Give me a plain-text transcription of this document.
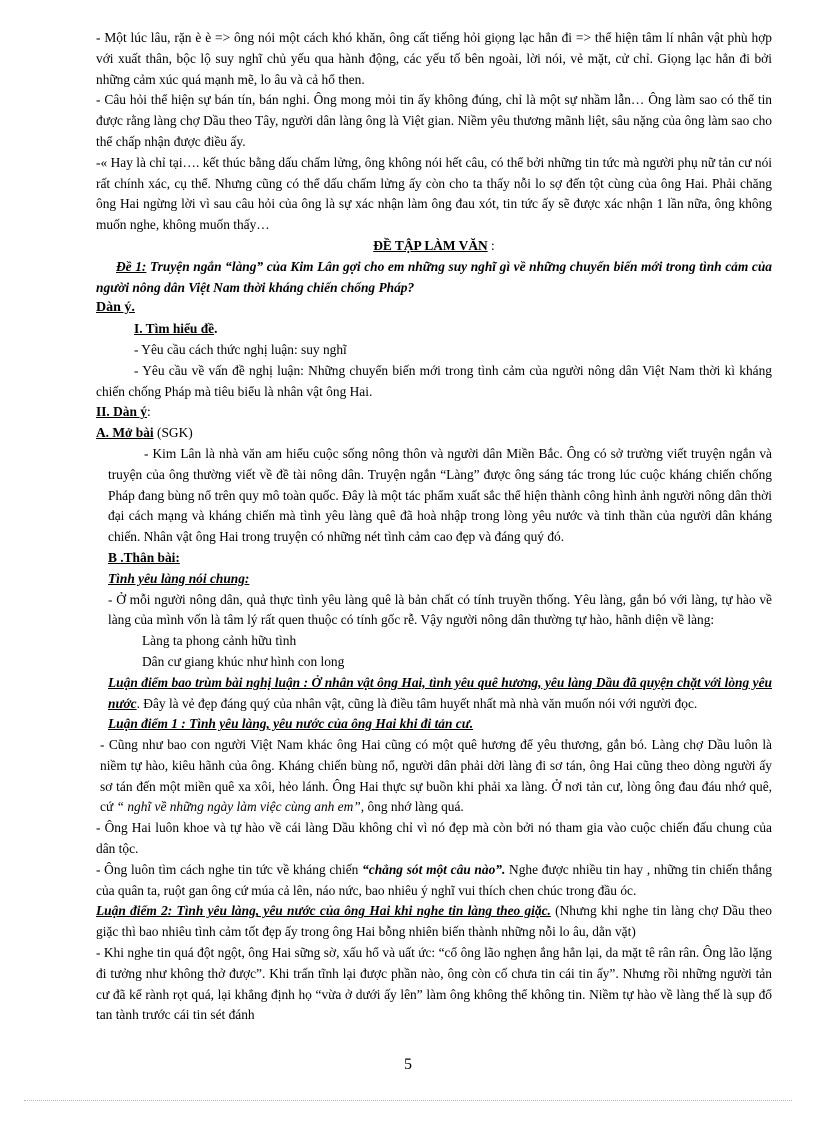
- Một lúc lâu, rặn è è => ông nói một cách khó khăn, ông cất tiếng hỏi giọng lạc hẳn đi => thể hiện tâm lí nhân vật phù hợp với xuất thân, bộc lộ suy nghĩ chủ yếu qua hành động, các yếu tố bên ngoài, lời nói, vẻ mặt, cử chỉ. Giọng lạc hẳn đi bởi những cảm xúc quá mạnh mẽ, lo âu và cả hổ then.

- Câu hỏi thể hiện sự bán tín, bán nghi. Ông mong mỏi tin ấy không đúng, chỉ là một sự nhầm lẫn… Ông làm sao có thể tin được rằng làng chợ Dầu theo Tây, người dân làng ông là Việt gian. Niềm yêu thương mãnh liệt, sâu nặng của ông làm sao cho thể chấp nhận được điều ấy.

-« Hay là chỉ tại…. kết thúc bằng dấu chấm lửng, ông không nói hết câu, có thể bởi những tin tức mà người phụ nữ tản cư nói rất chính xác, cụ thể. Nhưng cũng có thể dấu chấm lửng ấy còn cho ta thấy nỗi lo sợ đến tột cùng của ông Hai. Phải chăng ông Hai ngừng lời vì sau câu hỏi của ông là sự xác nhận làm ông đau xót, tin tức ấy sẽ được xác nhận 1 lần nữa, ông không muốn nghe, không muốn thấy…

ĐỀ TẬP LÀM VĂN :

Đề 1: Truyện ngắn “làng” của Kim Lân gợi cho em những suy nghĩ gì về những chuyển biến mới trong tình cảm của người nông dân Việt Nam thời kháng chiến chống Pháp?

Dàn ý.

I. Tìm hiểu đề.

- Yêu cầu cách thức nghị luận: suy nghĩ

- Yêu cầu về vấn đề nghị luận: Những chuyển biến mới trong tình cảm của người nông dân Việt Nam thời kì kháng chiến chống Pháp mà tiêu biểu là nhân vật ông Hai.

II. Dàn ý:

A. Mở bài (SGK)

- Kim Lân là nhà văn am hiểu cuộc sống nông thôn và người dân Miền Bắc. Ông có sở trường viết truyện ngắn và truyện của ông thường viết về đề tài nông dân. Truyện ngắn “Làng” được ông sáng tác trong lúc cuộc kháng chiến chống Pháp đang bùng nổ trên quy mô toàn quốc. Đây là một tác phẩm xuất sắc thể hiện thành công hình ảnh người nông dân thời đại cách mạng và kháng chiến mà tình yêu làng quê đã hoà nhập trong lòng yêu nước và tinh thần của người dân kháng chiến. Nhân vật ông Hai trong truyện có những nét tình cảm cao đẹp và đáng quý đó.

B .Thân bài:

Tình yêu làng nói chung:

- Ở mỗi người nông dân, quả thực tình yêu làng quê là bản chất có tính truyền thống. Yêu làng, gắn bó với làng, tự hào về làng của mình vốn là tâm lý rất quen thuộc có tính gốc rễ. Vậy người nông dân thường tự hào, hãnh diện về làng:

Làng ta phong cảnh hữu tình

Dân cư giang khúc như hình con long

Luận điểm bao trùm bài nghị luận : Ở nhân vật ông Hai, tình yêu quê hương, yêu làng Dầu đã quyện chặt với lòng yêu nước. Đây là vẻ đẹp đáng quý của nhân vật, cũng là điều tâm huyết nhất mà nhà văn muốn nói với người đọc.

Luận điểm 1 : Tình yêu làng, yêu nước của ông Hai khi đi tản cư.

- Cũng như bao con người Việt Nam khác ông Hai cũng có một quê hương để yêu thương, gắn bó. Làng chợ Dầu luôn là niềm tự hào, kiêu hãnh của ông. Kháng chiến bùng nổ, người dân phải dời làng đi sơ tán, ông Hai cũng theo dòng người ấy sơ tán đến một miền quê xa xôi, hẻo lánh. Ông Hai thực sự buồn khi phải xa làng. Ở nơi tản cư, lòng ông đau đáu nhớ quê, cứ “ nghĩ về những ngày làm việc cùng anh em”, ông nhớ làng quá.

- Ông Hai luôn khoe và tự hào về cái làng Dầu không chỉ vì nó đẹp mà còn bởi nó tham gia vào cuộc chiến đấu chung của dân tộc.

- Ông luôn tìm cách nghe tin tức về kháng chiến “chẳng sót một câu nào”. Nghe được nhiều tin hay , những tin chiến thắng của quân ta, ruột gan ông cứ múa cả lên, náo nức, bao nhiêu ý nghĩ vui thích chen chúc trong đầu óc.

Luận điểm 2: Tình yêu làng, yêu nước của ông Hai khi nghe tin làng theo giặc. (Nhưng khi nghe tin làng chợ Dầu theo giặc thì bao nhiêu tình cảm tốt đẹp ấy trong ông Hai bỗng nhiên biến thành những nỗi lo âu, dằn vặt)

- Khi nghe tin quá đột ngột, ông Hai sững sờ, xấu hổ và uất ức: “cổ ông lão nghẹn ắng hẳn lại, da mặt tê rân rân. Ông lão lặng đi tưởng như không thở được”. Khi trấn tĩnh lại được phần nào, ông còn cố chưa tin cái tin ấy”. Nhưng rồi những người tản cư đã kể rành rọt quá, lại khẳng định họ “vừa ở dưới ấy lên” làm ông không thể không tin. Niềm tự hào về làng thế là sụp đổ tan tành trước cái tin sét đánh

5
